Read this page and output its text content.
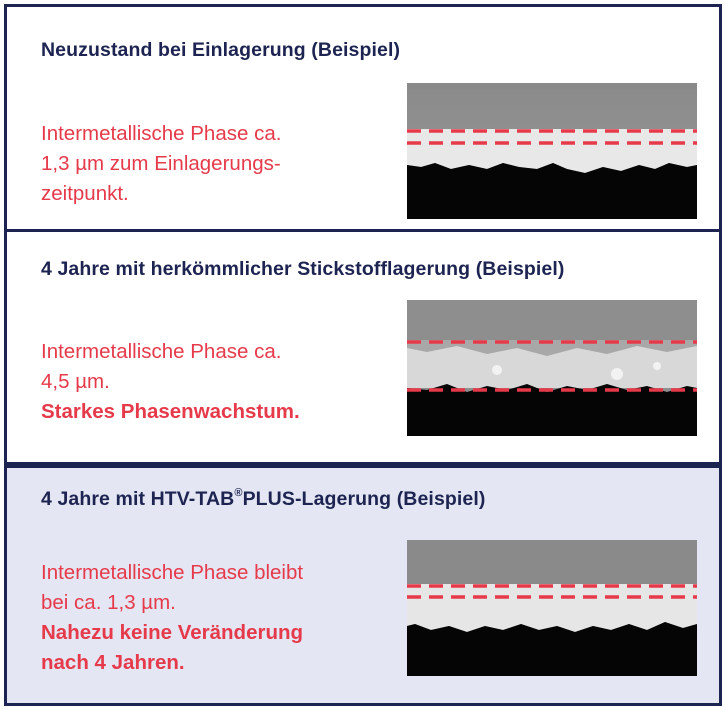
Neuzustand bei Einlagerung (Beispiel)
Intermetallische Phase ca.
1,3 µm zum Einlagerungs-
zeitpunkt.
4 Jahre mit herkömmlicher Stickstofflagerung (Beispiel)
Intermetallische Phase ca.
4,5 µm.
Starkes Phasenwachstum.
4 Jahre mit HTV-TAB®PLUS-Lagerung (Beispiel)
Intermetallische Phase bleibt
bei ca. 1,3 µm.
Nahezu keine Veränderung
nach 4 Jahren.
